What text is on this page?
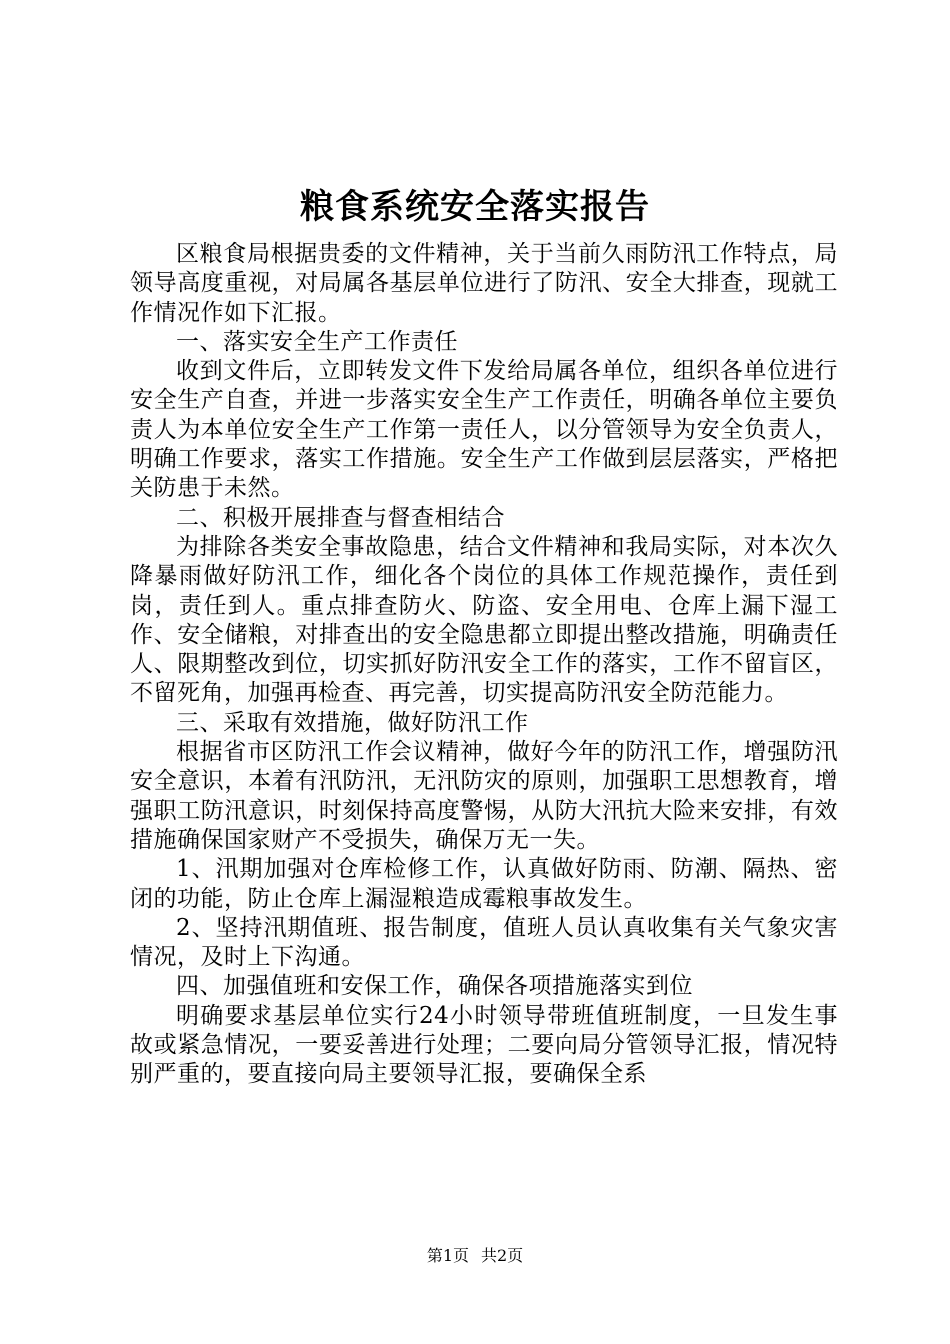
粮食系统安全落实报告

区粮食局根据贵委的文件精神，关于当前久雨防汛工作特点，局领导高度重视，对局属各基层单位进行了防汛、安全大排查，现就工作情况作如下汇报。

一、落实安全生产工作责任

收到文件后，立即转发文件下发给局属各单位，组织各单位进行安全生产自查，并进一步落实安全生产工作责任，明确各单位主要负责人为本单位安全生产工作第一责任人，以分管领导为安全负责人，明确工作要求，落实工作措施。安全生产工作做到层层落实，严格把关防患于未然。

二、积极开展排查与督查相结合

为排除各类安全事故隐患，结合文件精神和我局实际，对本次久降暴雨做好防汛工作，细化各个岗位的具体工作规范操作，责任到岗，责任到人。重点排查防火、防盗、安全用电、仓库上漏下湿工作、安全储粮，对排查出的安全隐患都立即提出整改措施，明确责任人、限期整改到位，切实抓好防汛安全工作的落实，工作不留盲区，不留死角，加强再检查、再完善，切实提高防汛安全防范能力。

三、采取有效措施，做好防汛工作

根据省市区防汛工作会议精神，做好今年的防汛工作，增强防汛安全意识，本着有汛防汛，无汛防灾的原则，加强职工思想教育，增强职工防汛意识，时刻保持高度警惕，从防大汛抗大险来安排，有效措施确保国家财产不受损失，确保万无一失。

1、汛期加强对仓库检修工作，认真做好防雨、防潮、隔热、密闭的功能，防止仓库上漏湿粮造成霉粮事故发生。

2、坚持汛期值班、报告制度，值班人员认真收集有关气象灾害情况，及时上下沟通。

四、加强值班和安保工作，确保各项措施落实到位

明确要求基层单位实行24小时领导带班值班制度，一旦发生事故或紧急情况，一要妥善进行处理；二要向局分管领导汇报，情况特别严重的，要直接向局主要领导汇报，要确保全系

第1页 共2页
